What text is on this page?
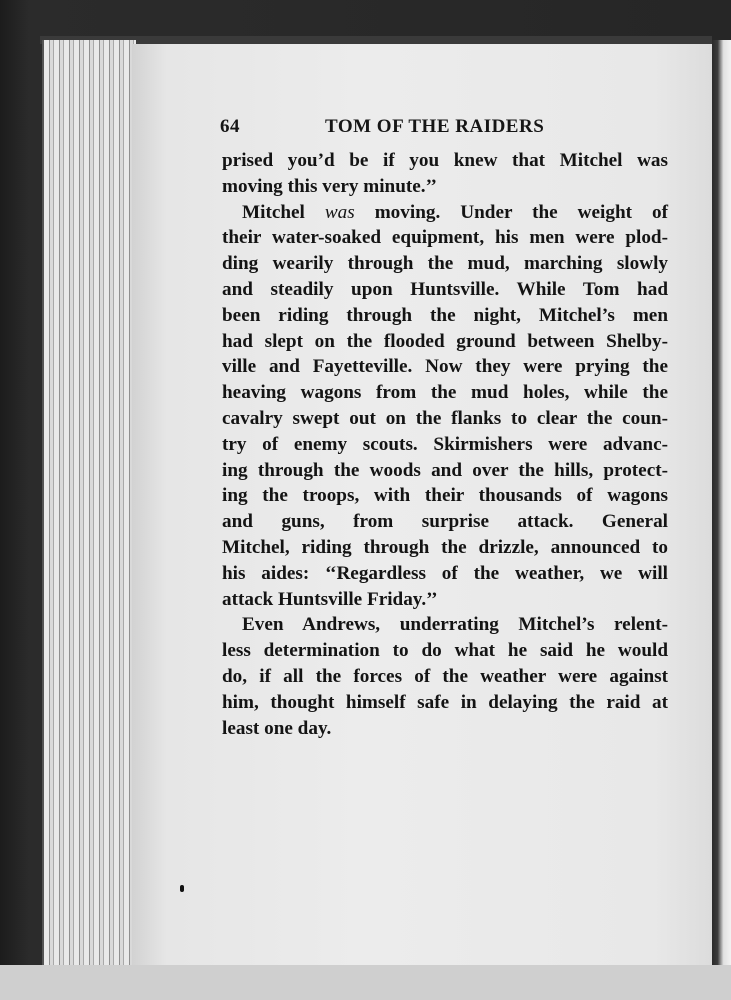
64	TOM OF THE RAIDERS
prised you’d be if you knew that Mitchel was
moving this very minute.’’
Mitchel was moving. Under the weight of
their water-soaked equipment, his men were plod-
ding wearily through the mud, marching slowly
and steadily upon Huntsville. While Tom had
been riding through the night, Mitchel’s men
had slept on the flooded ground between Shelby-
ville and Fayetteville. Now they were prying the
heaving wagons from the mud holes, while the
cavalry swept out on the flanks to clear the coun-
try of enemy scouts. Skirmishers were advanc-
ing through the woods and over the hills, protect-
ing the troops, with their thousands of wagons
and guns, from surprise attack. General
Mitchel, riding through the drizzle, announced to
his aides: ‘‘Regardless of the weather, we will
attack Huntsville Friday.’’
Even Andrews, underrating Mitchel’s relent-
less determination to do what he said he would
do, if all the forces of the weather were against
him, thought himself safe in delaying the raid at
least one day.
